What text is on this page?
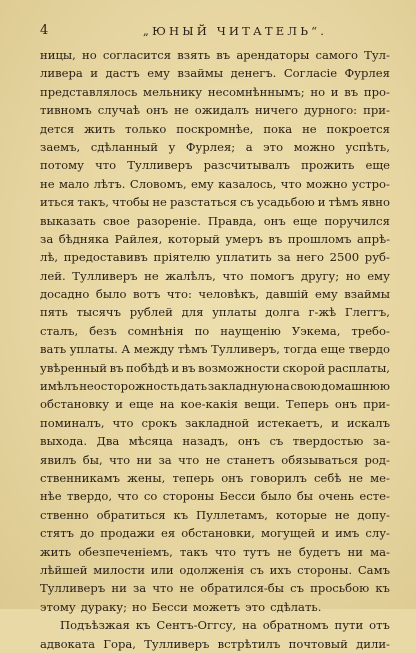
4	„ЮНЫЙ ЧИТАТЕЛЬ“.
ницы, но согласится взять въ арендаторы самого Тул-
ливера и дастъ ему взаймы денегъ. Согласіе Фурлея
представлялось мельнику несомнѣннымъ; но и въ про-
тивномъ случаѣ онъ не ожидалъ ничего дурного: при-
дется жить только поскромнѣе, пока не покроется
заемъ, сдѣланный у Фурлея; а это можно успѣть,
потому что Тулливеръ разсчитывалъ прожить еще
не мало лѣтъ. Словомъ, ему казалось, что можно устро-
иться такъ, чтобы не разстаться съ усадьбою и тѣмъ явно
выказать свое разореніе. Правда, онъ еще поручился
за бѣдняка Райлея, который умеръ въ прошломъ апрѣ-
лѣ, предоставивъ пріятелю уплатить за него 2500 руб-
лей. Тулливеръ не жалѣлъ, что помогъ другу; но ему
досадно было вотъ что: человѣкъ, давшій ему взаймы
пять тысячъ рублей для уплаты долга г-жѣ Глеггъ,
сталъ, безъ сомнѣнія по наущенію Уэкема, требо-
вать уплаты. А между тѣмъ Тулливеръ, тогда еще твердо
увѣренный въ побѣдѣ и въ возможности скорой расплаты,
имѣлъ неосторожность дать закладную на свою домашнюю
обстановку и еще на кое-какія вещи. Теперь онъ при-
поминалъ, что срокъ закладной истекаетъ, и искалъ
выхода. Два мѣсяца назадъ, онъ съ твердостью за-
явилъ бы, что ни за что не станетъ обязываться род-
ственникамъ жены, теперь онъ говорилъ себѣ не ме-
нѣе твердо, что со стороны Бесси было бы очень есте-
ственно обратиться къ Пуллетамъ, которые не допу-
стятъ до продажи ея обстановки, могущей и имъ слу-
жить обезпеченіемъ, такъ что тутъ не будетъ ни ма-
лѣйшей милости или одолженія съ ихъ стороны. Самъ
Тулливеръ ни за что не обратился-бы съ просьбою къ
этому дураку; но Бесси можетъ это сдѣлать.
Подъѣзжая къ Сентъ-Оггсу, на обратномъ пути отъ
адвоката Гора, Тулливеръ встрѣтилъ почтовый дили-
